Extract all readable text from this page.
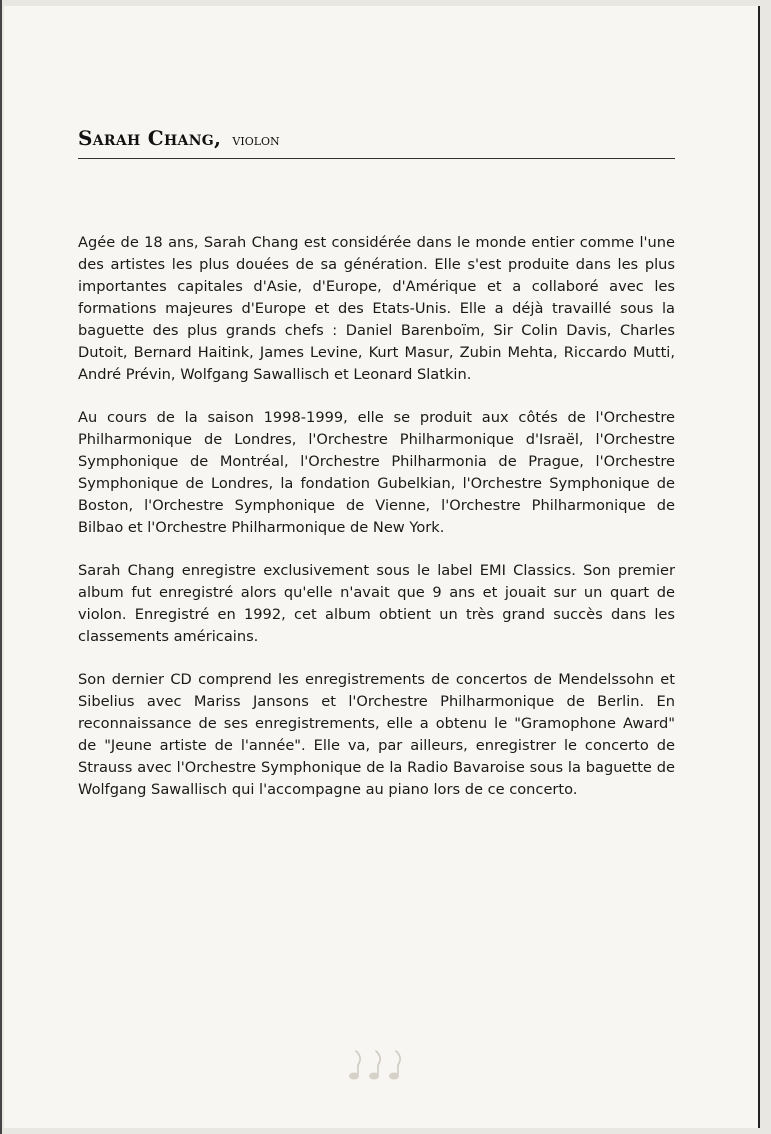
Sarah Chang, violon

Agée de 18 ans, Sarah Chang est considérée dans le monde entier comme l'une des artistes les plus douées de sa génération. Elle s'est produite dans les plus importantes capitales d'Asie, d'Europe, d'Amérique et a collaboré avec les formations majeures d'Europe et des Etats-Unis. Elle a déjà travaillé sous la baguette des plus grands chefs : Daniel Barenboïm, Sir Colin Davis, Charles Dutoit, Bernard Haitink, James Levine, Kurt Masur, Zubin Mehta, Riccardo Mutti, André Prévin, Wolfgang Sawallisch et Leonard Slatkin.

Au cours de la saison 1998-1999, elle se produit aux côtés de l'Orchestre Philharmonique de Londres, l'Orchestre Philharmonique d'Israël, l'Orchestre Symphonique de Montréal, l'Orchestre Philharmonia de Prague, l'Orchestre Symphonique de Londres, la fondation Gubelkian, l'Orchestre Symphonique de Boston, l'Orchestre Symphonique de Vienne, l'Orchestre Philharmonique de Bilbao et l'Orchestre Philharmonique de New York.

Sarah Chang enregistre exclusivement sous le label EMI Classics. Son premier album fut enregistré alors qu'elle n'avait que 9 ans et jouait sur un quart de violon. Enregistré en 1992, cet album obtient un très grand succès dans les classements américains.

Son dernier CD comprend les enregistrements de concertos de Mendelssohn et Sibelius avec Mariss Jansons et l'Orchestre Philharmonique de Berlin. En reconnaissance de ses enregistrements, elle a obtenu le "Gramophone Award" de "Jeune artiste de l'année". Elle va, par ailleurs, enregistrer le concerto de Strauss avec l'Orchestre Symphonique de la Radio Bavaroise sous la baguette de Wolfgang Sawallisch qui l'accompagne au piano lors de ce concerto.
